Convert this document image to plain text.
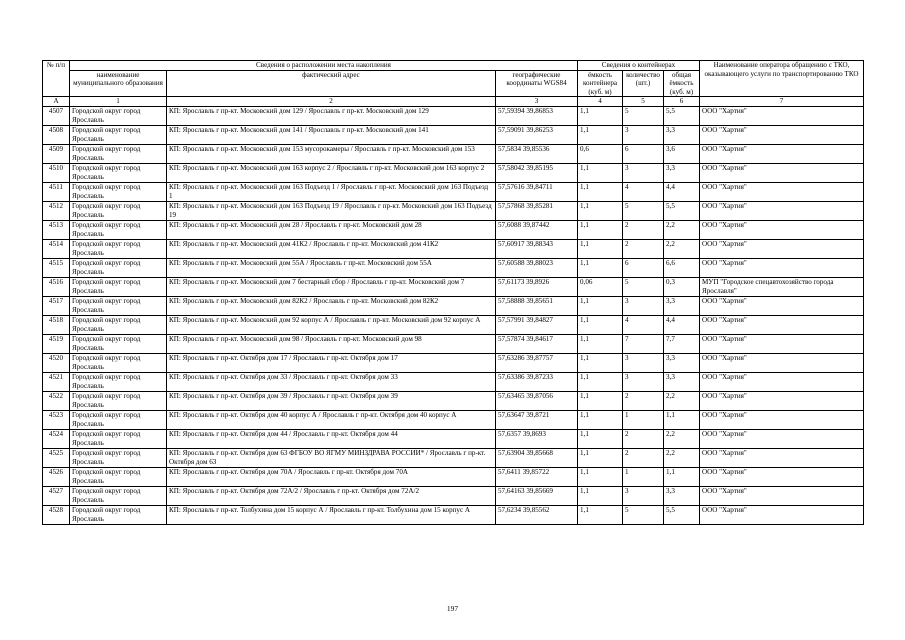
№ п/п	Сведения о расположении места накопления			Сведения о контейнерах			Наименование оператора обращению с ТКО, оказывающего услуги по транспортированию ТКО
	наименование муниципального образования	фактический адрес	географические координаты WGS84	ёмкость контейнера (куб. м)	количество (шт.)	общая ёмкость (куб. м)	
А	1	2	3	4	5	6	7
4507	Городской округ город Ярославль	КП: Ярославль г пр-кт. Московский дом 129 / Ярославль г пр-кт. Московский дом 129	57,59394 39,86853	1,1	5	5,5	ООО "Хартия"
4508	Городской округ город Ярославль	КП: Ярославль г пр-кт. Московский дом 141 / Ярославль г пр-кт. Московский дом 141	57,59091 39,86253	1,1	3	3,3	ООО "Хартия"
4509	Городской округ город Ярославль	КП: Ярославль г пр-кт. Московский дом 153 мусорокамеры / Ярославль г пр-кт. Московский дом 153	57,5834 39,85536	0,6	6	3,6	ООО "Хартия"
4510	Городской округ город Ярославль	КП: Ярославль г пр-кт. Московский дом 163 корпус 2 / Ярославль г пр-кт. Московский дом 163 корпус 2	57,58042 39,85195	1,1	3	3,3	ООО "Хартия"
4511	Городской округ город Ярославль	КП: Ярославль г пр-кт. Московский дом 163 Подъезд 1 / Ярославль г пр-кт. Московский дом 163 Подъезд 1	57,57616 39,84711	1,1	4	4,4	ООО "Хартия"
4512	Городской округ город Ярославль	КП: Ярославль г пр-кт. Московский дом 163 Подъезд 19 / Ярославль г пр-кт. Московский дом 163 Подъезд 19	57,57868 39,85281	1,1	5	5,5	ООО "Хартия"
4513	Городской округ город Ярославль	КП: Ярославль г пр-кт. Московский дом 28 / Ярославль г пр-кт. Московский дом 28	57,6088 39,87442	1,1	2	2,2	ООО "Хартия"
4514	Городской округ город Ярославль	КП: Ярославль г пр-кт. Московский дом 41К2 / Ярославль г пр-кт. Московский дом 41К2	57,60917 39,88343	1,1	2	2,2	ООО "Хартия"
4515	Городской округ город Ярославль	КП: Ярославль г пр-кт. Московский дом 55А / Ярославль г пр-кт. Московский дом 55А	57,60588 39,88023	1,1	6	6,6	ООО "Хартия"
4516	Городской округ город Ярославль	КП: Ярославль г пр-кт. Московский дом 7 бестарный сбор / Ярославль г пр-кт. Московский дом 7	57,61173 39,8926	0,06	5	0,3	МУП "Городское спецавтохозяйство города Ярославля"
4517	Городской округ город Ярославль	КП: Ярославль г пр-кт. Московский дом 82К2 / Ярославль г пр-кт. Московский дом 82К2	57,58888 39,85651	1,1	3	3,3	ООО "Хартия"
4518	Городской округ город Ярославль	КП: Ярославль г пр-кт. Московский дом 92 корпус А / Ярославль г пр-кт. Московский дом 92 корпус А	57,57991 39,84827	1,1	4	4,4	ООО "Хартия"
4519	Городской округ город Ярославль	КП: Ярославль г пр-кт. Московский дом 98 / Ярославль г пр-кт. Московский дом 98	57,57874 39,84617	1,1	7	7,7	ООО "Хартия"
4520	Городской округ город Ярославль	КП: Ярославль г пр-кт. Октября дом 17 / Ярославль г пр-кт. Октября дом 17	57,63286 39,87757	1,1	3	3,3	ООО "Хартия"
4521	Городской округ город Ярославль	КП: Ярославль г пр-кт. Октября дом 33 / Ярославль г пр-кт. Октября дом 33	57,63386 39,87233	1,1	3	3,3	ООО "Хартия"
4522	Городской округ город Ярославль	КП: Ярославль г пр-кт. Октября дом 39 / Ярославль г пр-кт. Октября дом 39	57,63465 39,87056	1,1	2	2,2	ООО "Хартия"
4523	Городской округ город Ярославль	КП: Ярославль г пр-кт. Октября дом 40 корпус А / Ярославль г пр-кт. Октября дом 40 корпус А	57,63647 39,8721	1,1	1	1,1	ООО "Хартия"
4524	Городской округ город Ярославль	КП: Ярославль г пр-кт. Октября дом 44 / Ярославль г пр-кт. Октября дом 44	57,6357 39,8693	1,1	2	2,2	ООО "Хартия"
4525	Городской округ город Ярославль	КП: Ярославль г пр-кт. Октября дом 63 ФГБОУ ВО ЯГМУ МИНЗДРАВА РОССИИ* / Ярославль г пр-кт. Октября дом 63	57,63904 39,85668	1,1	2	2,2	ООО "Хартия"
4526	Городской округ город Ярославль	КП: Ярославль г пр-кт. Октября дом 70А / Ярославль г пр-кт. Октября дом 70А	57,6411 39,85722	1,1	1	1,1	ООО "Хартия"
4527	Городской округ город Ярославль	КП: Ярославль г пр-кт. Октября дом 72А/2 / Ярославль г пр-кт. Октября дом 72А/2	57,64163 39,85669	1,1	3	3,3	ООО "Хартия"
4528	Городской округ город Ярославль	КП: Ярославль г пр-кт. Толбухина дом 15 корпус А / Ярославль г пр-кт. Толбухина дом 15 корпус А	57,6234 39,85562	1,1	5	5,5	ООО "Хартия"
197
